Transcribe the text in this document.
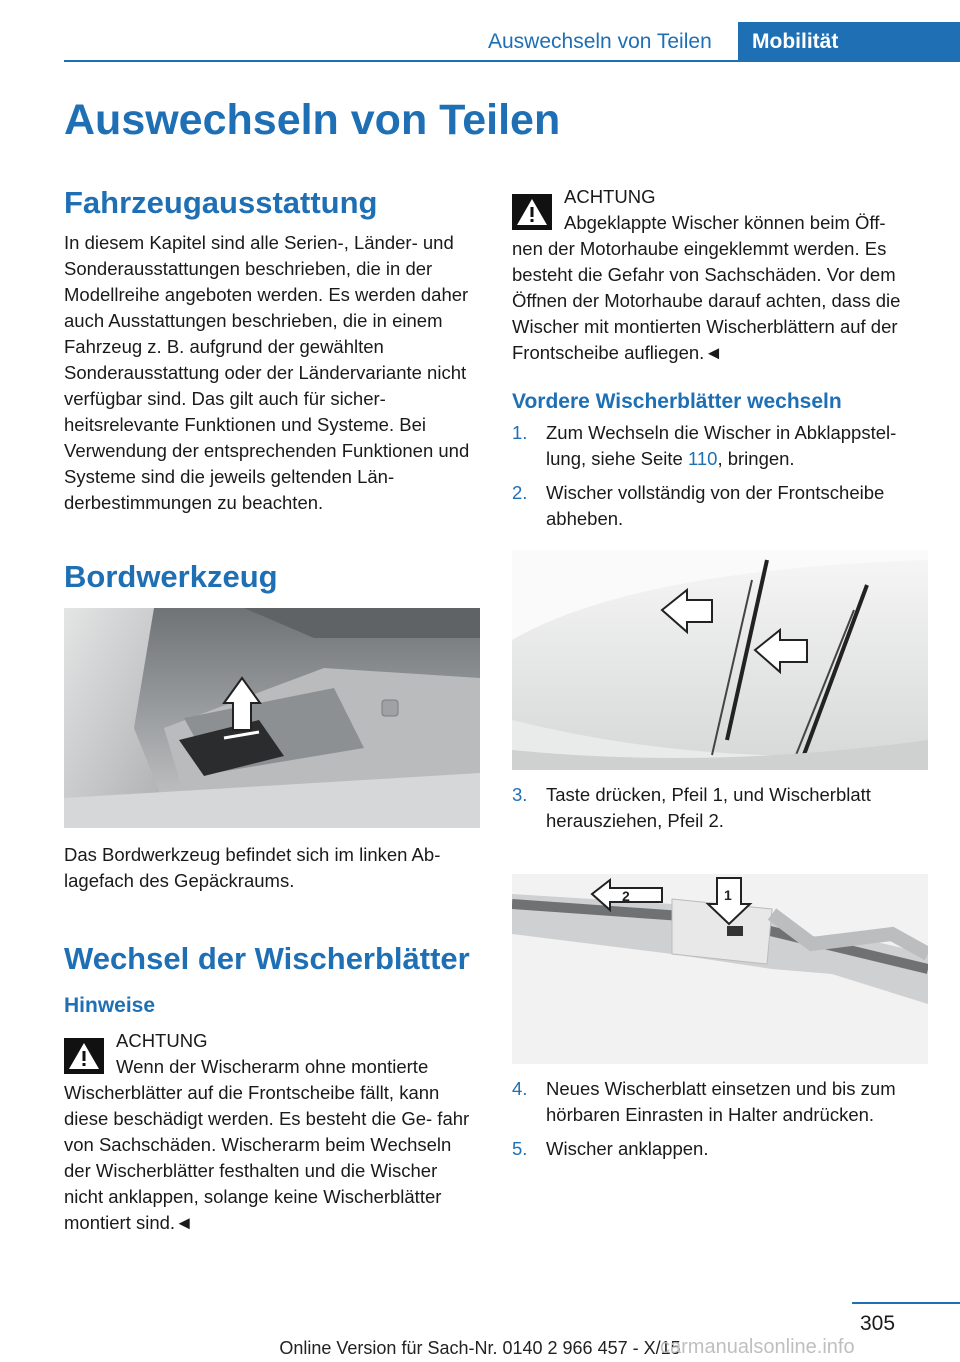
Auswechseln von Teilen	Mobilität
Auswechseln von Teilen
Fahrzeugausstattung

In diesem Kapitel sind alle Serien-, Länder- und Sonderausstattungen beschrieben, die in der Modellreihe angeboten werden. Es werden daher auch Ausstattungen beschrieben, die in einem Fahrzeug z. B. aufgrund der gewählten Sonderausstattung oder der Ländervariante nicht verfügbar sind. Das gilt auch für sicher- heitsrelevante Funktionen und Systeme. Bei Verwendung der entsprechenden Funktionen und Systeme sind die jeweils geltenden Län- derbestimmungen zu beachten.

Bordwerkzeug

Das Bordwerkzeug befindet sich im linken Ab- lagefach des Gepäckraums.

Wechsel der Wischerblätter
Hinweise
ACHTUNG

Wenn der Wischerarm ohne montierte

Wischerblätter auf die Frontscheibe fällt, kann diese beschädigt werden. Es besteht die Ge- fahr von Sachschäden. Wischerarm beim Wechseln der Wischerblätter festhalten und die Wischer nicht anklappen, solange keine Wischerblätter montiert sind.◄

ACHTUNG

Abgeklappte Wischer können beim Öff-

nen der Motorhaube eingeklemmt werden. Es besteht die Gefahr von Sachschäden. Vor dem Öffnen der Motorhaube darauf achten, dass die Wischer mit montierten Wischerblättern auf der Frontscheibe aufliegen.◄

Vordere Wischerblätter wechseln
1. Zum Wechseln die Wischer in Abklappstel- lung, siehe Seite 110, bringen.
2. Wischer vollständig von der Frontscheibe abheben.
3. Taste drücken, Pfeil 1, und Wischerblatt herausziehen, Pfeil 2.
2	1
4. Neues Wischerblatt einsetzen und bis zum hörbaren Einrasten in Halter andrücken.
5. Wischer anklappen.
305
Online Version für Sach-Nr. 0140 2 966 457 - X/15
carmanualsonline.info
